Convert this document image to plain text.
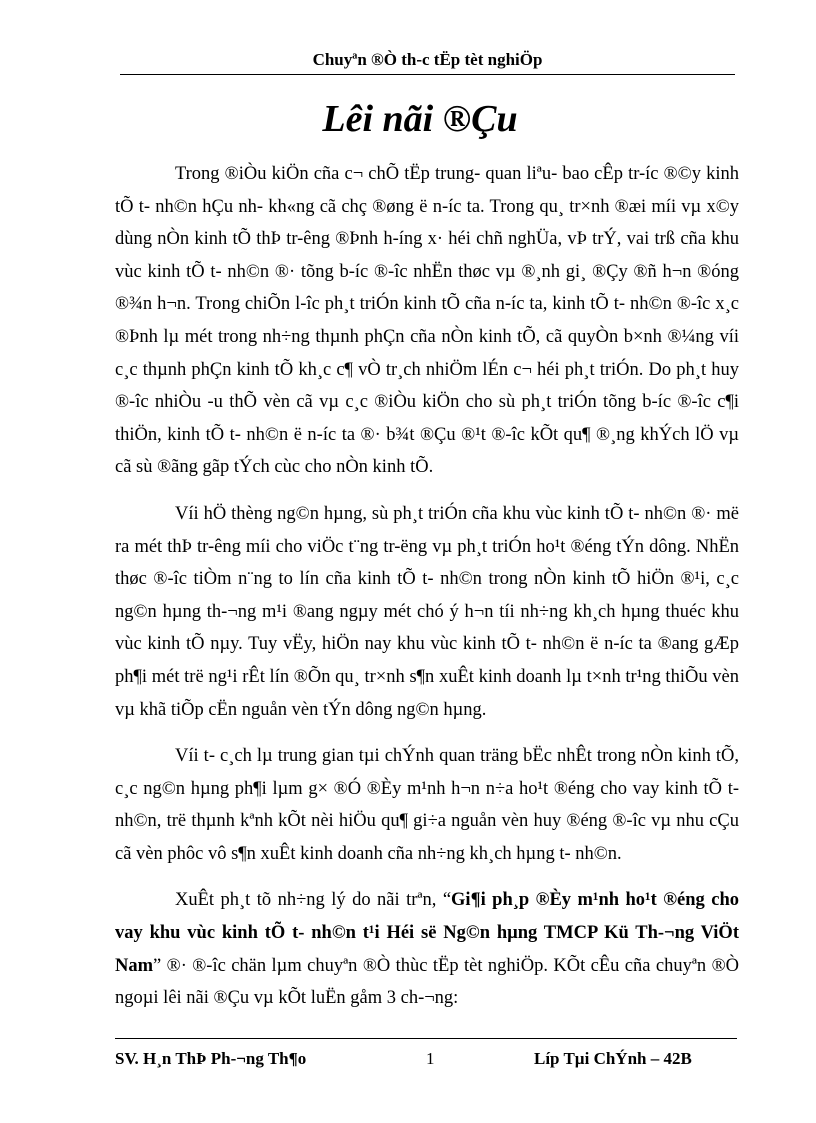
Chuyªn ®Ò th-c tËp tèt nghiÖp
Lêi nãi ®Çu

Trong ®iÒu kiÖn cña c¬ chÕ tËp trung- quan liªu- bao cÊp tr-íc ®©y kinh tÕ t- nh©n hÇu nh- kh«ng cã chç ®øng ë n-íc ta. Trong qu¸ tr×nh ®æi míi vµ x©y dùng nÒn kinh tÕ thÞ tr-êng ®Þnh h-íng x· héi chñ nghÜa, vÞ trÝ, vai trß cña khu vùc kinh tÕ t- nh©n ®· tõng b-íc ®-îc nhËn thøc vµ ®¸nh gi¸ ®Çy ®ñ h¬n ®óng ®¾n h¬n. Trong chiÕn l-îc ph¸t triÓn kinh tÕ cña n-íc ta, kinh tÕ t- nh©n ®-îc x¸c ®Þnh lµ mét trong nh÷ng thµnh phÇn cña nÒn kinh tÕ, cã quyÒn b×nh ®¼ng víi c¸c thµnh phÇn kinh tÕ kh¸c c¶ vÒ tr¸ch nhiÖm lÉn c¬ héi ph¸t triÓn. Do ph¸t huy ®-îc nhiÒu -u thÕ vèn cã vµ c¸c ®iÒu kiÖn cho sù ph¸t triÓn tõng b-íc ®-îc c¶i thiÖn, kinh tÕ t- nh©n ë n-íc ta ®· b¾t ®Çu ®¹t ®-îc kÕt qu¶ ®¸ng khÝch lÖ vµ cã sù ®ãng gãp tÝch cùc cho nÒn kinh tÕ.

Víi hÖ thèng ng©n hµng, sù ph¸t triÓn cña khu vùc kinh tÕ t- nh©n ®· më ra mét thÞ tr-êng míi cho viÖc t¨ng tr-ëng vµ ph¸t triÓn ho¹t ®éng tÝn dông. NhËn thøc ®-îc tiÒm n¨ng to lín cña kinh tÕ t- nh©n trong nÒn kinh tÕ hiÖn ®¹i, c¸c ng©n hµng th-¬ng m¹i ®ang ngµy mét chó ý h¬n tíi nh÷ng kh¸ch hµng thuéc khu vùc kinh tÕ nµy. Tuy vËy, hiÖn nay khu vùc kinh tÕ t- nh©n ë n-íc ta ®ang gÆp ph¶i mét trë ng¹i rÊt lín ®Õn qu¸ tr×nh s¶n xuÊt kinh doanh lµ t×nh tr¹ng thiÕu vèn vµ khã tiÕp cËn nguån vèn tÝn dông ng©n hµng.

Víi t- c¸ch lµ trung gian tµi chÝnh quan träng bËc nhÊt trong nÒn kinh tÕ, c¸c ng©n hµng ph¶i lµm g× ®Ó ®Èy m¹nh h¬n n÷a ho¹t ®éng cho vay kinh tÕ t- nh©n, trë thµnh kªnh kÕt nèi hiÖu qu¶ gi÷a nguån vèn huy ®éng ®-îc vµ nhu cÇu cã vèn phôc vô s¶n xuÊt kinh doanh cña nh÷ng kh¸ch hµng t- nh©n.

XuÊt ph¸t tõ nh÷ng lý do nãi trªn, “Gi¶i ph¸p ®Èy m¹nh ho¹t ®éng cho vay khu vùc kinh tÕ t- nh©n t¹i Héi së Ng©n hµng TMCP Kü Th-¬ng ViÖt Nam” ®· ®-îc chän lµm chuyªn ®Ò thùc tËp tèt nghiÖp. KÕt cÊu cña chuyªn ®Ò ngoµi lêi nãi ®Çu vµ kÕt luËn gåm 3 ch-¬ng:

SV. H¸n ThÞ Ph-¬ng Th¶o	1	Líp Tµi ChÝnh – 42B
